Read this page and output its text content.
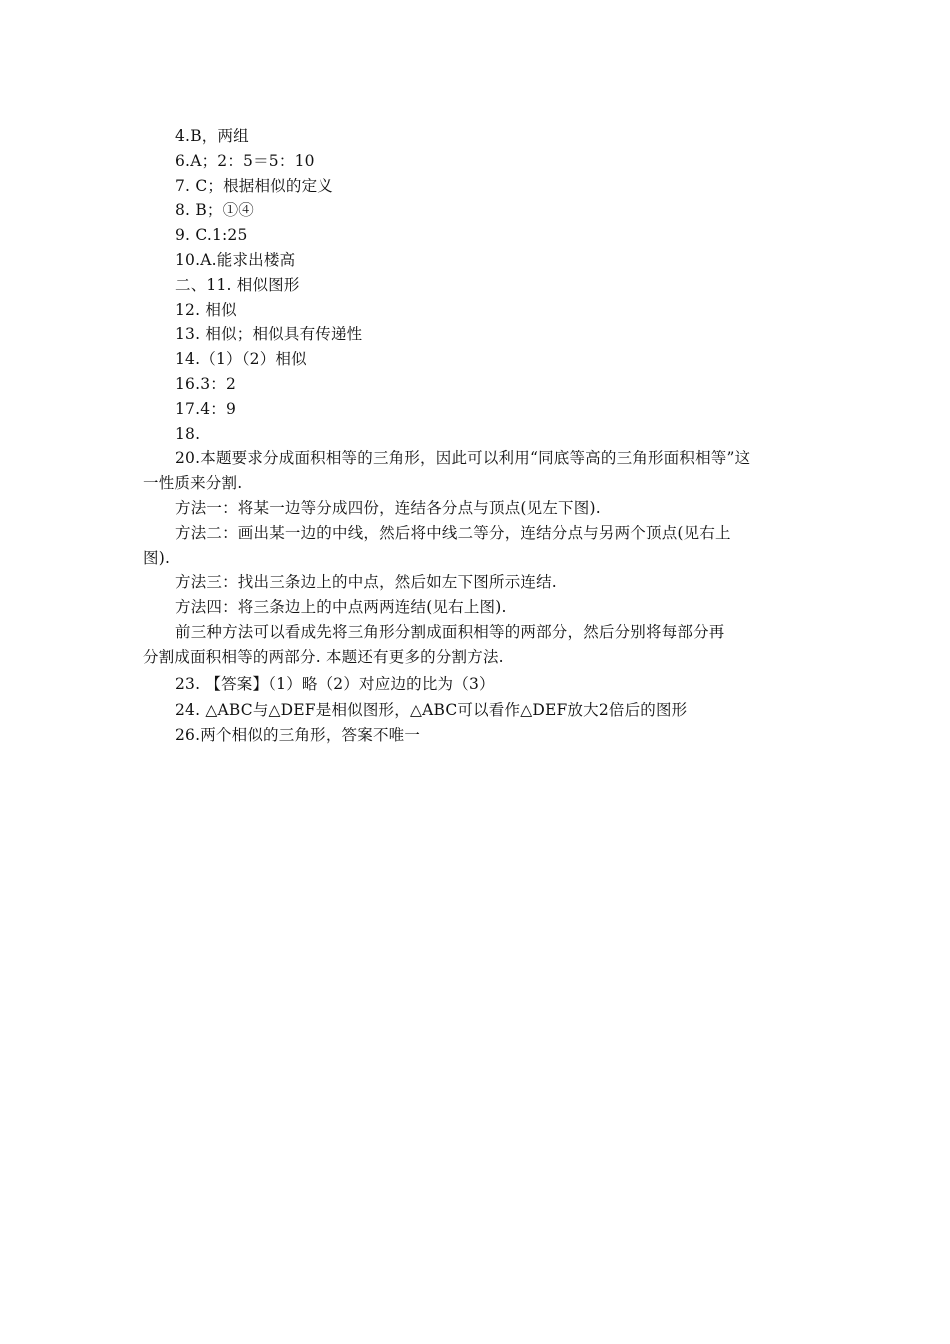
4.B，两组
6.A；2：5＝5：10
7. C；根据相似的定义
8. B；①④
9. C.1:25
10.A.能求出楼高
二、11. 相似图形
12. 相似
13. 相似；相似具有传递性
14.（1）（2）相似
16.3：2
17.4：9
18.
20.本题要求分成面积相等的三角形，因此可以利用“同底等高的三角形面积相等”这
一性质来分割.
方法一：将某一边等分成四份，连结各分点与顶点(见左下图).
方法二：画出某一边的中线，然后将中线二等分，连结分点与另两个顶点(见右上
图).
方法三：找出三条边上的中点，然后如左下图所示连结.
方法四：将三条边上的中点两两连结(见右上图).
前三种方法可以看成先将三角形分割成面积相等的两部分，然后分别将每部分再
分割成面积相等的两部分. 本题还有更多的分割方法.
23. 【答案】（1）略（2）对应边的比为（3）
24. △ABC与△DEF是相似图形，△ABC可以看作△DEF放大2倍后的图形
26.两个相似的三角形，答案不唯一
